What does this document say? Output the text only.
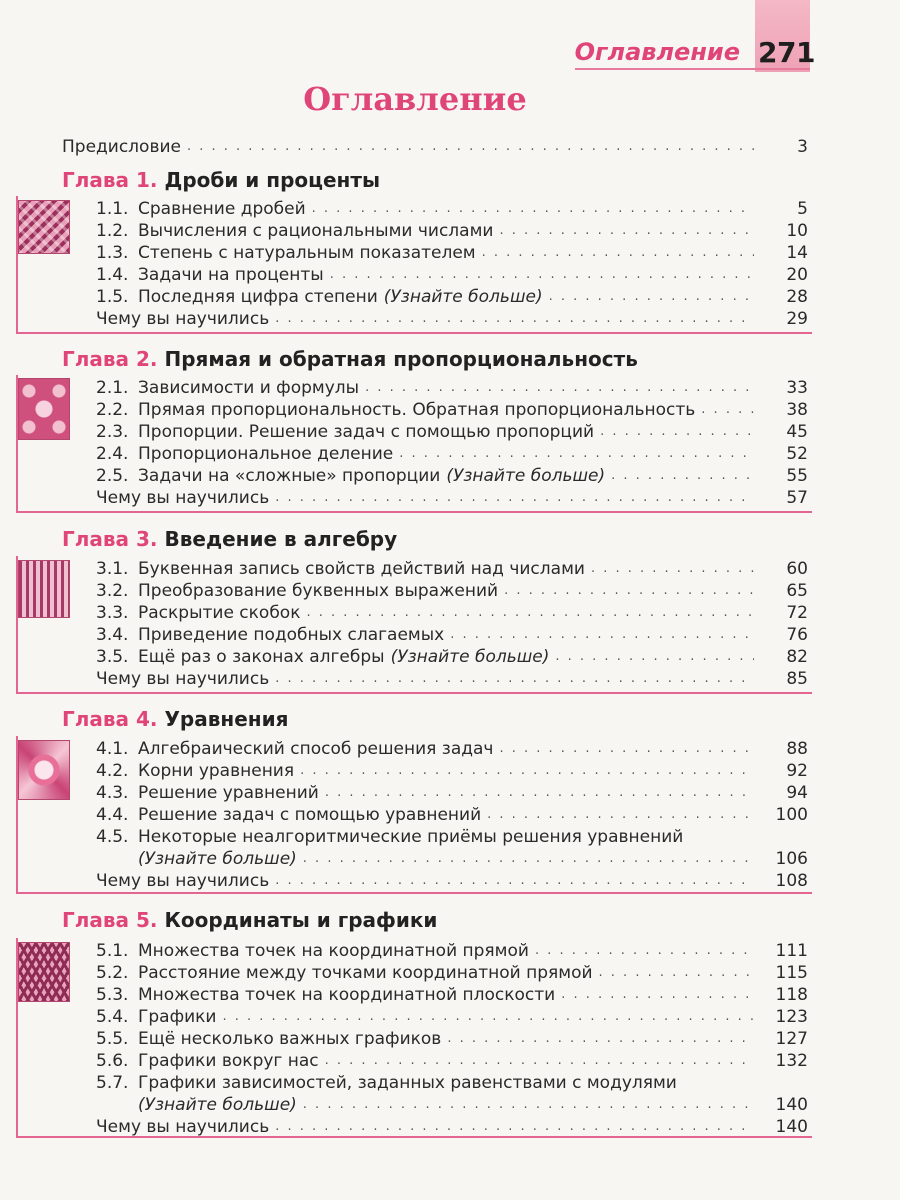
Оглавление 271
Оглавление
Предисловие . . .	3
Глава 1. Дроби и проценты
1.1. Сравнение дробей . . .	5
1.2. Вычисления с рациональными числами . . .	10
1.3. Степень с натуральным показателем . . .	14
1.4. Задачи на проценты . . .	20
1.5. Последняя цифра степени (Узнайте больше) . . .	28
Чему вы научились . . .	29
Глава 2. Прямая и обратная пропорциональность
2.1. Зависимости и формулы . . .	33
2.2. Прямая пропорциональность. Обратная пропорциональность . . .	38
2.3. Пропорции. Решение задач с помощью пропорций . . .	45
2.4. Пропорциональное деление . . .	52
2.5. Задачи на «сложные» пропорции (Узнайте больше) . . .	55
Чему вы научились . . .	57
Глава 3. Введение в алгебру
3.1. Буквенная запись свойств действий над числами . . .	60
3.2. Преобразование буквенных выражений . . .	65
3.3. Раскрытие скобок . . .	72
3.4. Приведение подобных слагаемых . . .	76
3.5. Ещё раз о законах алгебры (Узнайте больше) . . .	82
Чему вы научились . . .	85
Глава 4. Уравнения
4.1. Алгебраический способ решения задач . . .	88
4.2. Корни уравнения . . .	92
4.3. Решение уравнений . . .	94
4.4. Решение задач с помощью уравнений . . .	100
4.5. Некоторые неалгоритмические приёмы решения уравнений
(Узнайте больше) . . .	106
Чему вы научились . . .	108
Глава 5. Координаты и графики
5.1. Множества точек на координатной прямой . . .	111
5.2. Расстояние между точками координатной прямой . . .	115
5.3. Множества точек на координатной плоскости . . .	118
5.4. Графики . . .	123
5.5. Ещё несколько важных графиков . . .	127
5.6. Графики вокруг нас . . .	132
5.7. Графики зависимостей, заданных равенствами с модулями
(Узнайте больше) . . .	140
Чему вы научились . . .	140
